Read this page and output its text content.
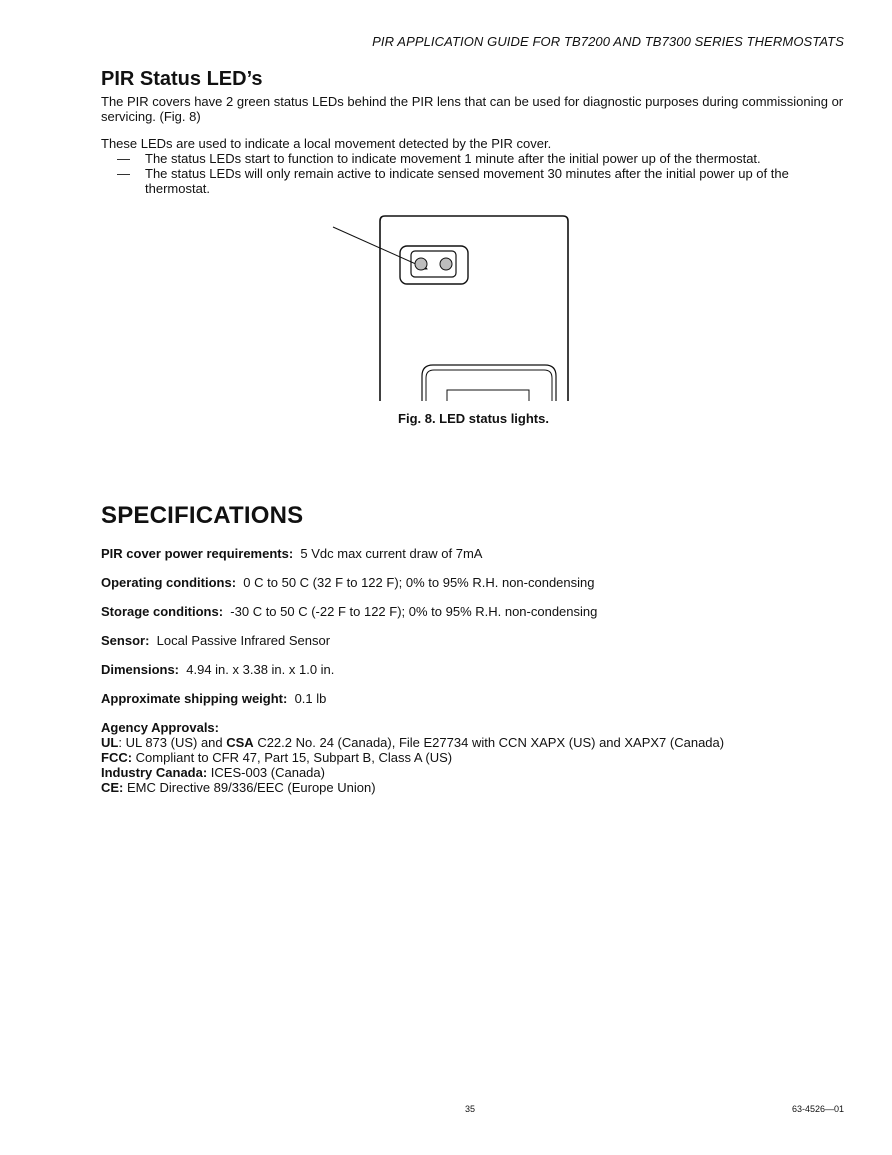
PIR APPLICATION GUIDE FOR TB7200 AND TB7300 SERIES THERMOSTATS
PIR Status LED’s

The PIR covers have 2 green status LEDs behind the PIR lens that can be used for diagnostic purposes during commissioning or servicing. (Fig. 8)

These LEDs are used to indicate a local movement detected by the PIR cover.

— The status LEDs start to function to indicate movement 1 minute after the initial power up of the thermostat.
— The status LEDs will only remain active to indicate sensed movement 30 minutes after the initial power up of the thermostat.
Fig. 8. LED status lights.
SPECIFICATIONS
PIR cover power requirements: 5 Vdc max current draw of 7mA
Operating conditions: 0 C to 50 C (32 F to 122 F); 0% to 95% R.H. non-condensing
Storage conditions: -30 C to 50 C (-22 F to 122 F); 0% to 95% R.H. non-condensing
Sensor: Local Passive Infrared Sensor
Dimensions: 4.94 in. x 3.38 in. x 1.0 in.
Approximate shipping weight: 0.1 lb
Agency Approvals:
UL: UL 873 (US) and CSA C22.2 No. 24 (Canada), File E27734 with CCN XAPX (US) and XAPX7 (Canada)
FCC: Compliant to CFR 47, Part 15, Subpart B, Class A (US)
Industry Canada: ICES-003 (Canada)
CE: EMC Directive 89/336/EEC (Europe Union)
35	63-4526—01
